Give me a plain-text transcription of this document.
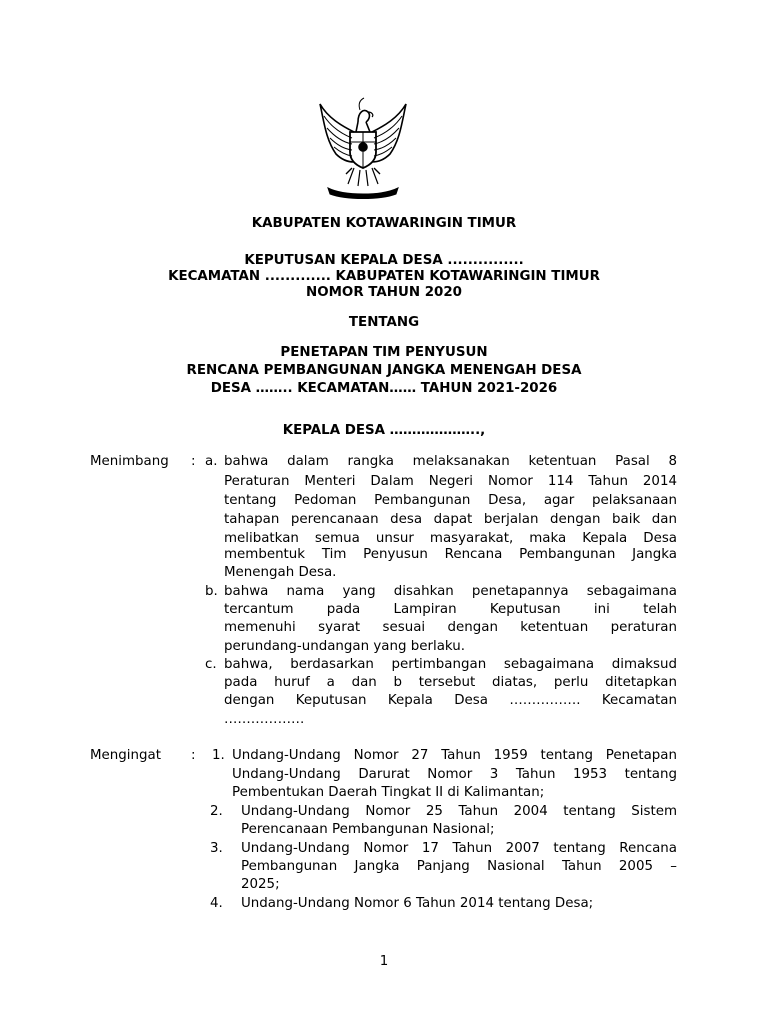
KABUPATEN KOTAWARINGIN TIMUR
KEPUTUSAN KEPALA DESA ...............
KECAMATAN ............. KABUPATEN KOTAWARINGIN TIMUR
NOMOR TAHUN 2020
TENTANG
PENETAPAN TIM PENYUSUN
RENCANA PEMBANGUNAN JANGKA MENENGAH DESA
DESA …….. KECAMATAN…… TAHUN 2021-2026
KEPALA DESA ………………..,
Menimbang : a. bahwa dalam rangka melaksanakan ketentuan Pasal 8
Peraturan Menteri Dalam Negeri Nomor 114 Tahun 2014
tentang Pedoman Pembangunan Desa, agar pelaksanaan
tahapan perencanaan desa dapat berjalan dengan baik dan
melibatkan semua unsur masyarakat, maka Kepala Desa
membentuk Tim Penyusun Rencana Pembangunan Jangka
Menengah Desa.
b. bahwa nama yang disahkan penetapannya sebagaimana
tercantum pada Lampiran Keputusan ini telah
memenuhi syarat sesuai dengan ketentuan peraturan
perundang-undangan yang berlaku.
c. bahwa, berdasarkan pertimbangan sebagaimana dimaksud
pada huruf a dan b tersebut diatas, perlu ditetapkan
dengan Keputusan Kepala Desa ……………. Kecamatan
………………
Mengingat : 1. Undang-Undang Nomor 27 Tahun 1959 tentang Penetapan
Undang-Undang Darurat Nomor 3 Tahun 1953 tentang
Pembentukan Daerah Tingkat II di Kalimantan;
2. Undang-Undang Nomor 25 Tahun 2004 tentang Sistem
Perencanaan Pembangunan Nasional;
3. Undang-Undang Nomor 17 Tahun 2007 tentang Rencana
Pembangunan Jangka Panjang Nasional Tahun 2005 –
2025;
4. Undang-Undang Nomor 6 Tahun 2014 tentang Desa;
1
